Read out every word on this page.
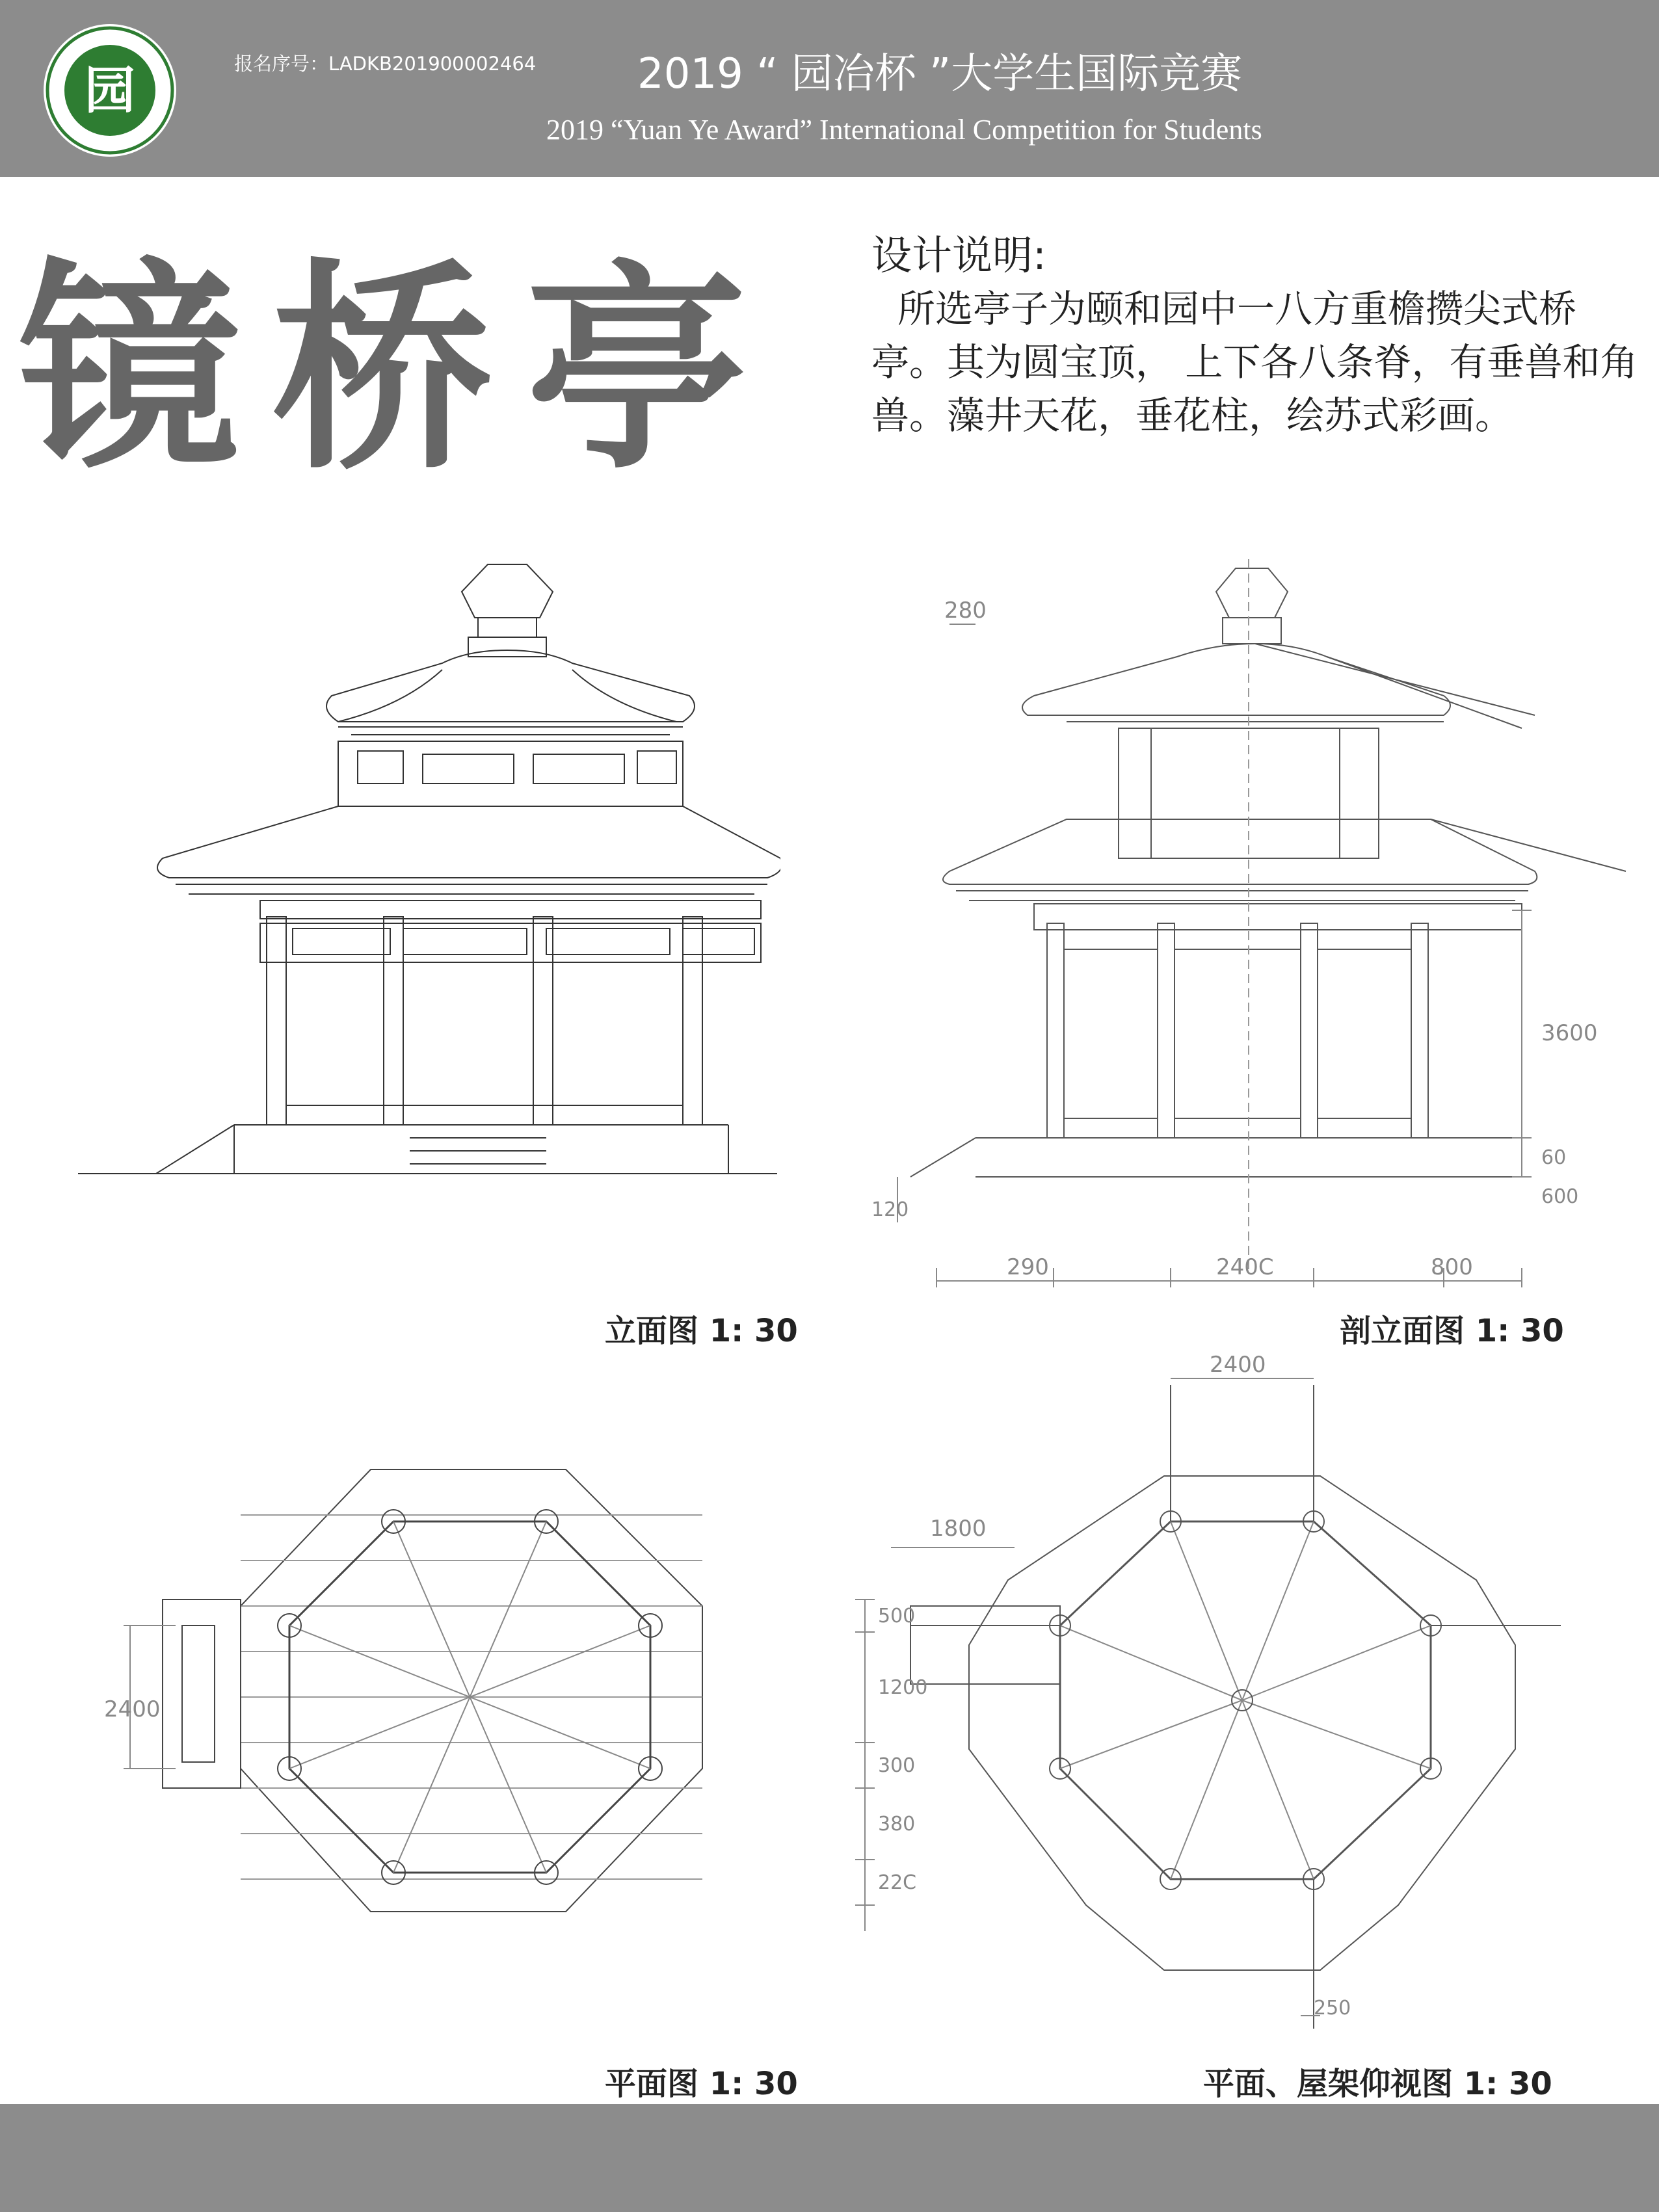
园	报名序号：LADKB201900002464 2019 “ 园冶杯 ”大学生国际竞赛
2019 “Yuan Ye Award” International Competition for Students
镜桥亭 设计说明:
所选亭子为颐和园中一八方重檐攒尖式桥亭。其为圆宝顶， 上下各八条脊，有垂兽和角兽。藻井天花，垂花柱，绘苏式彩画。
立面图 1: 30
280
3600
60
600
120
290	240C	800
剖立面图 1: 30
2400
平面图 1: 30
2400
1800
500
1200
300
380
22C
250
平面、屋架仰视图 1: 30
